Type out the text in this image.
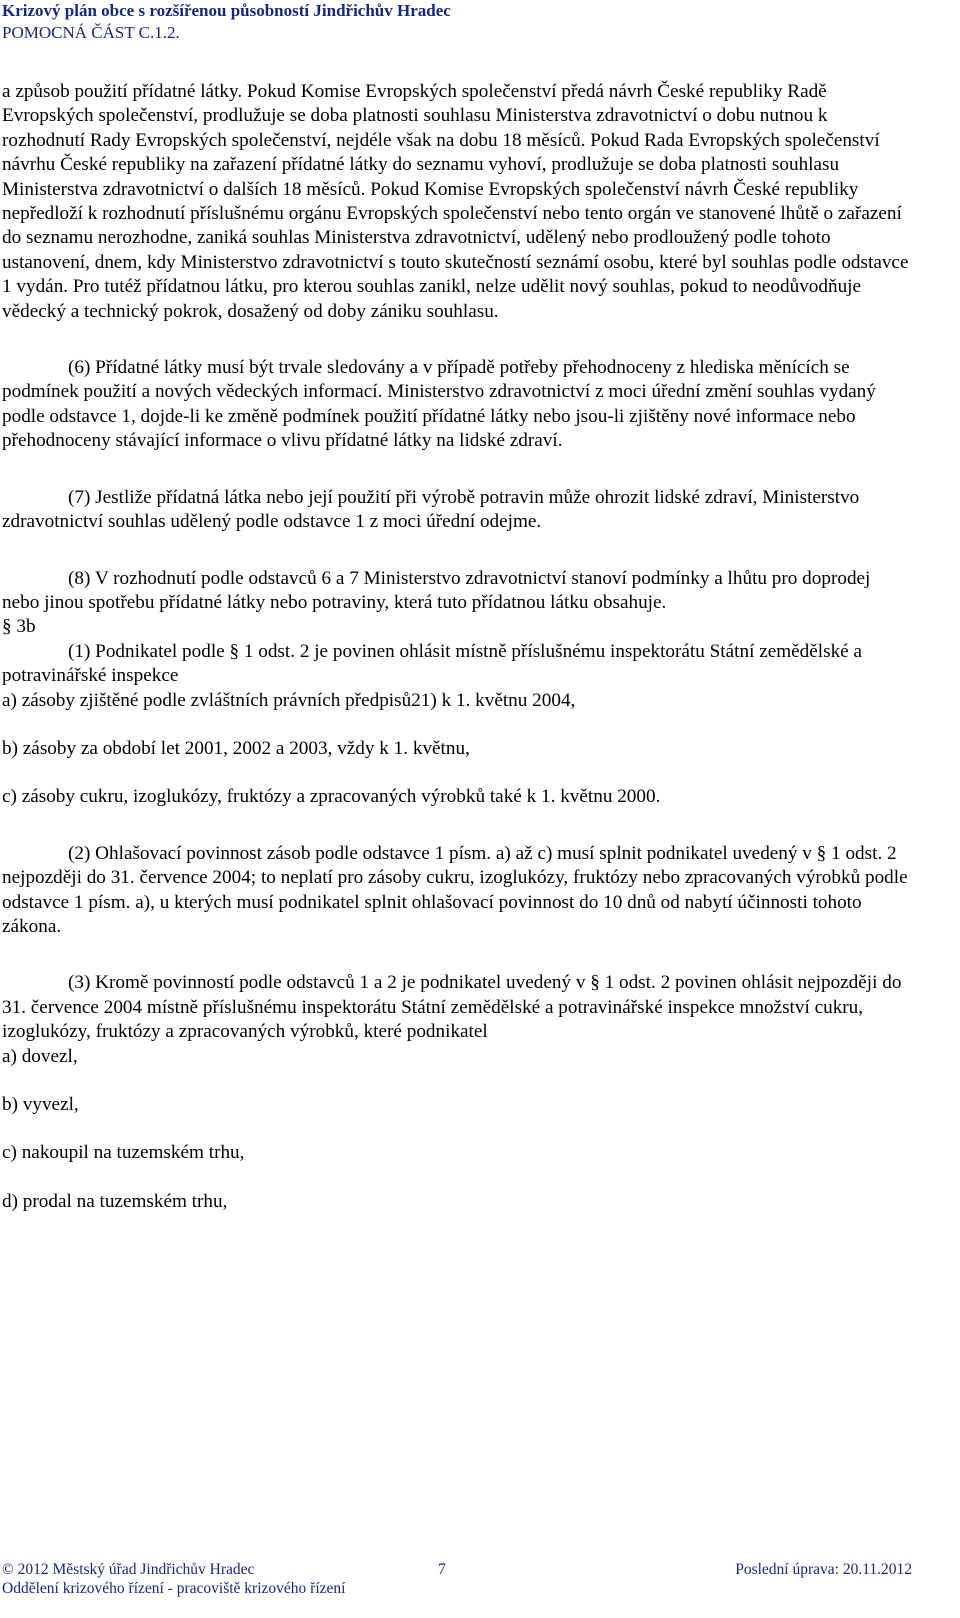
Krizový plán obce s rozšířenou působností Jindřichův Hradec
POMOCNÁ ČÁST C.1.2.

a způsob použití přídatné látky. Pokud Komise Evropských společenství předá návrh České republiky Radě Evropských společenství, prodlužuje se doba platnosti souhlasu Ministerstva zdravotnictví o dobu nutnou k rozhodnutí Rady Evropských společenství, nejdéle však na dobu 18 měsíců. Pokud Rada Evropských společenství návrhu České republiky na zařazení přídatné látky do seznamu vyhoví, prodlužuje se doba platnosti souhlasu Ministerstva zdravotnictví o dalších 18 měsíců. Pokud Komise Evropských společenství návrh České republiky nepředloží k rozhodnutí příslušnému orgánu Evropských společenství nebo tento orgán ve stanovené lhůtě o zařazení do seznamu nerozhodne, zaniká souhlas Ministerstva zdravotnictví, udělený nebo prodloužený podle tohoto ustanovení, dnem, kdy Ministerstvo zdravotnictví s touto skutečností seznámí osobu, které byl souhlas podle odstavce 1 vydán. Pro tutéž přídatnou látku, pro kterou souhlas zanikl, nelze udělit nový souhlas, pokud to neodůvodňuje vědecký a technický pokrok, dosažený od doby zániku souhlasu.

(6) Přídatné látky musí být trvale sledovány a v případě potřeby přehodnoceny z hlediska měnících se podmínek použití a nových vědeckých informací. Ministerstvo zdravotnictví z moci úřední změní souhlas vydaný podle odstavce 1, dojde-li ke změně podmínek použití přídatné látky nebo jsou-li zjištěny nové informace nebo přehodnoceny stávající informace o vlivu přídatné látky na lidské zdraví.

(7) Jestliže přídatná látka nebo její použití při výrobě potravin může ohrozit lidské zdraví, Ministerstvo zdravotnictví souhlas udělený podle odstavce 1 z moci úřední odejme.

(8) V rozhodnutí podle odstavců 6 a 7 Ministerstvo zdravotnictví stanoví podmínky a lhůtu pro doprodej nebo jinou spotřebu přídatné látky nebo potraviny, která tuto přídatnou látku obsahuje.

§ 3b

(1) Podnikatel podle § 1 odst. 2 je povinen ohlásit místně příslušnému inspektorátu Státní zemědělské a potravinářské inspekce

a) zásoby zjištěné podle zvláštních právních předpisů21) k 1. květnu 2004,

b) zásoby za období let 2001, 2002 a 2003, vždy k 1. květnu,

c) zásoby cukru, izoglukózy, fruktózy a zpracovaných výrobků také k 1. květnu 2000.

(2) Ohlašovací povinnost zásob podle odstavce 1 písm. a) až c) musí splnit podnikatel uvedený v § 1 odst. 2 nejpozději do 31. července 2004; to neplatí pro zásoby cukru, izoglukózy, fruktózy nebo zpracovaných výrobků podle odstavce 1 písm. a), u kterých musí podnikatel splnit ohlašovací povinnost do 10 dnů od nabytí účinnosti tohoto zákona.

(3) Kromě povinností podle odstavců 1 a 2 je podnikatel uvedený v § 1 odst. 2 povinen ohlásit nejpozději do 31. července 2004 místně příslušnému inspektorátu Státní zemědělské a potravinářské inspekce množství cukru, izoglukózy, fruktózy a zpracovaných výrobků, které podnikatel

a) dovezl,

b) vyvezl,

c) nakoupil na tuzemském trhu,

d) prodal na tuzemském trhu,

© 2012 Městský úřad Jindřichův Hradec	7	Poslední úprava: 20.11.2012
Oddělení krizového řízení - pracoviště krizového řízení
